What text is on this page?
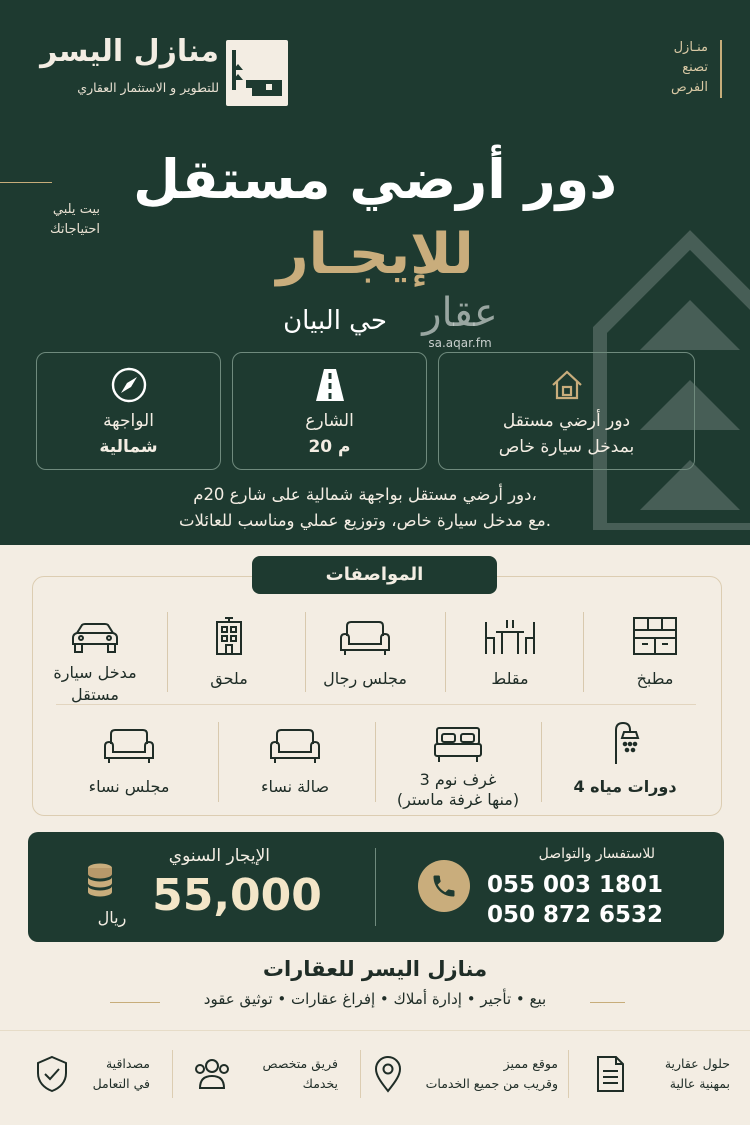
منازل اليسر
للتطوير و الاستثمار العقاري
منـازل
تصنع
الفرص
بيت يلبي
احتياجاتك
دور أرضي مستقل
للإيجـار
حي البيان عقار
sa.aqar.fm
دور أرضي مستقل
بمدخل سيارة خاص
الشارع
20 م
الواجهة
شمالية
دور أرضي مستقل بواجهة شمالية على شارع 20م،
مع مدخل سيارة خاص، وتوزيع عملي ومناسب للعائلات.
المواصفات
مطبخ
مقلط
مجلس رجال
ملحق
مدخل سيارة مستقل
4 دورات مياه
3 غرف نوم
(منها غرفة ماستر)
صالة نساء
مجلس نساء
للاستفسار والتواصل
055 003 1801
050 872 6532
الإيجار السنوي
55,000
ريال
منازل اليسر للعقارات
بيع • تأجير • إدارة أملاك • إفراغ عقارات • توثيق عقود
حلول عقارية
بمهنية عالية
موقع مميز
وقريب من جميع الخدمات
فريق متخصص
يخدمك
مصداقية
في التعامل
